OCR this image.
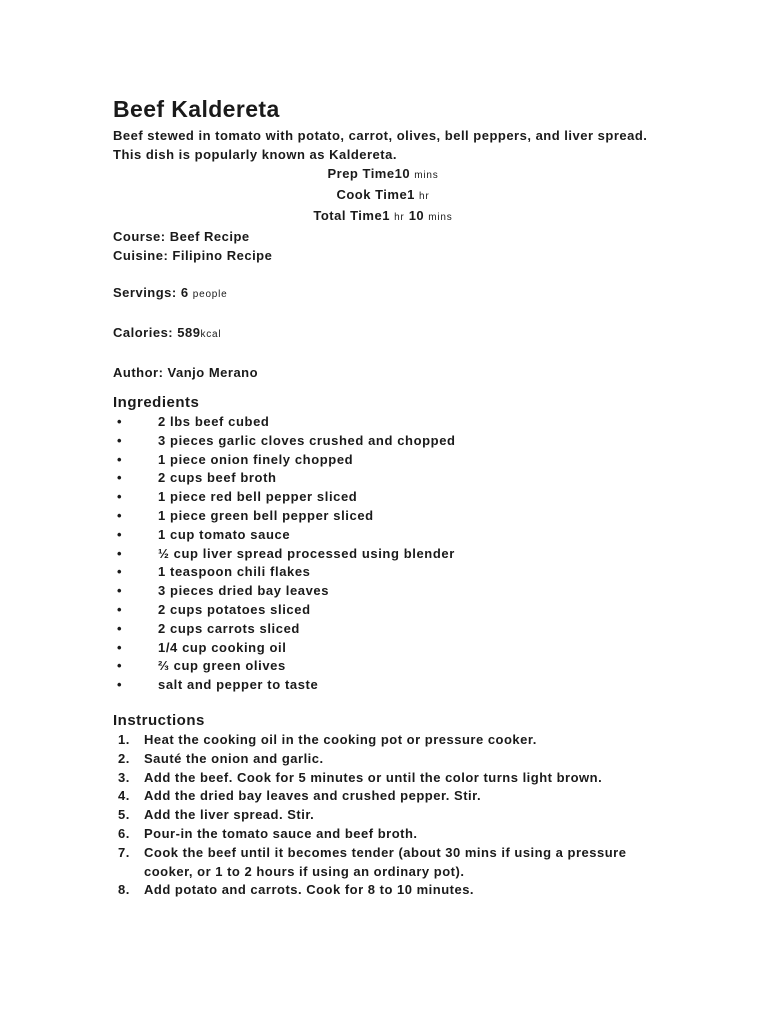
Beef Kaldereta
Beef stewed in tomato with potato, carrot, olives, bell peppers, and liver spread. This dish is popularly known as Kaldereta.
Prep Time10 mins
Cook Time1 hr
Total Time1 hr 10 mins
Course: Beef Recipe
Cuisine: Filipino Recipe
Servings: 6 people
Calories: 589kcal
Author: Vanjo Merano
Ingredients
•	2 lbs beef cubed
•	3 pieces garlic cloves crushed and chopped
•	1 piece onion finely chopped
•	2 cups beef broth
•	1 piece red bell pepper sliced
•	1 piece green bell pepper sliced
•	1 cup tomato sauce
•	½ cup liver spread processed using blender
•	1 teaspoon chili flakes
•	3 pieces dried bay leaves
•	2 cups potatoes sliced
•	2 cups carrots sliced
•	1/4 cup cooking oil
•	⅔ cup green olives
•	salt and pepper to taste
Instructions
1. Heat the cooking oil in the cooking pot or pressure cooker.
2. Sauté the onion and garlic.
3. Add the beef. Cook for 5 minutes or until the color turns light brown.
4. Add the dried bay leaves and crushed pepper. Stir.
5. Add the liver spread. Stir.
6. Pour-in the tomato sauce and beef broth.
7. Cook the beef until it becomes tender (about 30 mins if using a pressure cooker, or 1 to 2 hours if using an ordinary pot).
8. Add potato and carrots. Cook for 8 to 10 minutes.
